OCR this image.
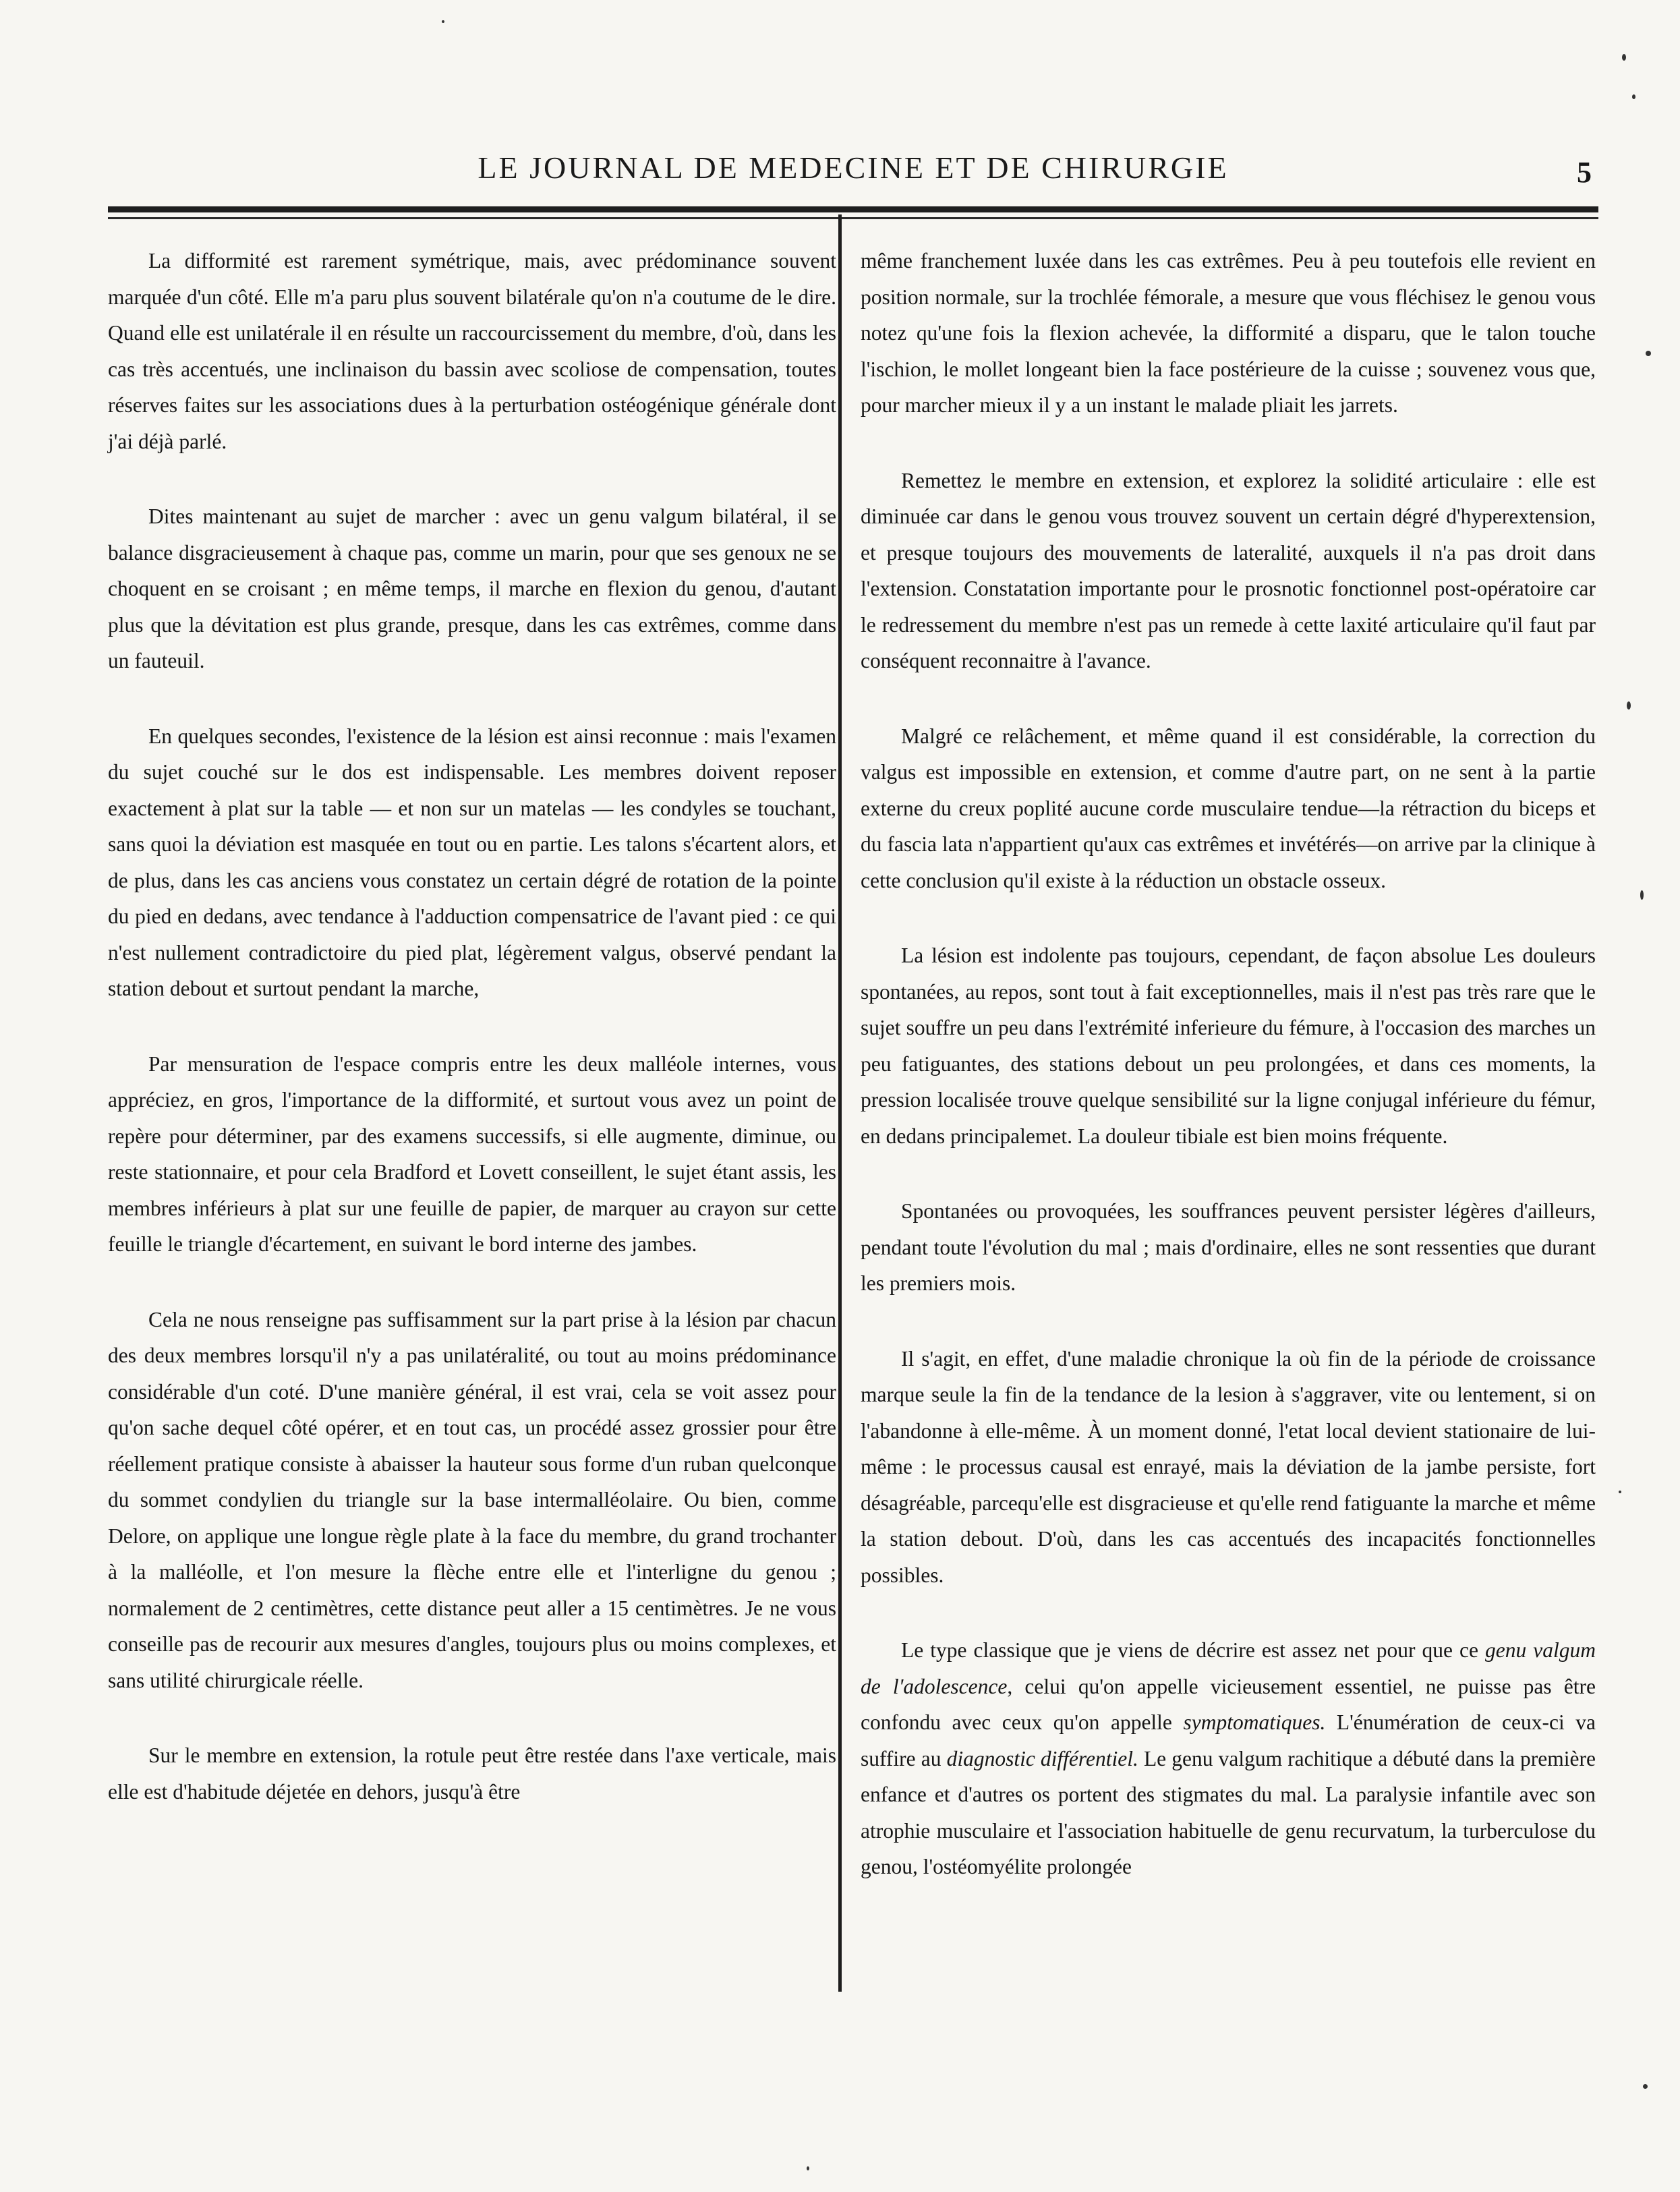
LE JOURNAL DE MEDECINE ET DE CHIRURGIE	5

La difformité est rarement symétrique, mais, avec prédominance souvent marquée d'un côté. Elle m'a paru plus souvent bilatérale qu'on n'a coutume de le dire. Quand elle est unilatérale il en résulte un raccourcissement du membre, d'où, dans les cas très accentués, une inclinaison du bassin avec scoliose de compensation, toutes réserves faites sur les associations dues à la perturbation ostéogénique générale dont j'ai déjà parlé.

Dites maintenant au sujet de marcher : avec un genu valgum bilatéral, il se balance disgracieusement à chaque pas, comme un marin, pour que ses genoux ne se choquent en se croisant ; en même temps, il marche en flexion du genou, d'autant plus que la dévitation est plus grande, presque, dans les cas extrêmes, comme dans un fauteuil.

En quelques secondes, l'existence de la lésion est ainsi reconnue : mais l'examen du sujet couché sur le dos est indispensable. Les membres doivent reposer exactement à plat sur la table — et non sur un matelas — les condyles se touchant, sans quoi la déviation est masquée en tout ou en partie. Les talons s'écartent alors, et de plus, dans les cas anciens vous constatez un certain dégré de rotation de la pointe du pied en dedans, avec tendance à l'adduction compensatrice de l'avant pied : ce qui n'est nullement contradictoire du pied plat, légèrement valgus, observé pendant la station debout et surtout pendant la marche,

Par mensuration de l'espace compris entre les deux malléole internes, vous appréciez, en gros, l'importance de la difformité, et surtout vous avez un point de repère pour déterminer, par des examens successifs, si elle augmente, diminue, ou reste stationnaire, et pour cela Bradford et Lovett conseillent, le sujet étant assis, les membres inférieurs à plat sur une feuille de papier, de marquer au crayon sur cette feuille le triangle d'écartement, en suivant le bord interne des jambes.

Cela ne nous renseigne pas suffisamment sur la part prise à la lésion par chacun des deux membres lorsqu'il n'y a pas unilatéralité, ou tout au moins prédominance considérable d'un coté. D'une manière général, il est vrai, cela se voit assez pour qu'on sache dequel côté opérer, et en tout cas, un procédé assez grossier pour être réellement pratique consiste à abaisser la hauteur sous forme d'un ruban quelconque du sommet condylien du triangle sur la base intermalléolaire. Ou bien, comme Delore, on applique une longue règle plate à la face du membre, du grand trochanter à la malléolle, et l'on mesure la flèche entre elle et l'interligne du genou ; normalement de 2 centimètres, cette distance peut aller a 15 centimètres. Je ne vous conseille pas de recourir aux mesures d'angles, toujours plus ou moins complexes, et sans utilité chirurgicale réelle.

Sur le membre en extension, la rotule peut être restée dans l'axe verticale, mais elle est d'habitude déjetée en dehors, jusqu'à être

même franchement luxée dans les cas extrêmes. Peu à peu toutefois elle revient en position normale, sur la trochlée fémorale, a mesure que vous fléchisez le genou vous notez qu'une fois la flexion achevée, la difformité a disparu, que le talon touche l'ischion, le mollet longeant bien la face postérieure de la cuisse ; souvenez vous que, pour marcher mieux il y a un instant le malade pliait les jarrets.

Remettez le membre en extension, et explorez la solidité articulaire : elle est diminuée car dans le genou vous trouvez souvent un certain dégré d'hyperextension, et presque toujours des mouvements de lateralité, auxquels il n'a pas droit dans l'extension. Constatation importante pour le prosnotic fonctionnel post-opératoire car le redressement du membre n'est pas un remede à cette laxité articulaire qu'il faut par conséquent reconnaitre à l'avance.

Malgré ce relâchement, et même quand il est considérable, la correction du valgus est impossible en extension, et comme d'autre part, on ne sent à la partie externe du creux poplité aucune corde musculaire tendue—la rétraction du biceps et du fascia lata n'appartient qu'aux cas extrêmes et invétérés—on arrive par la clinique à cette conclusion qu'il existe à la réduction un obstacle osseux.

La lésion est indolente pas toujours, cependant, de façon absolue Les douleurs spontanées, au repos, sont tout à fait exceptionnelles, mais il n'est pas très rare que le sujet souffre un peu dans l'extrémité inferieure du fémure, à l'occasion des marches un peu fatiguantes, des stations debout un peu prolongées, et dans ces moments, la pression localisée trouve quelque sensibilité sur la ligne conjugal inférieure du fémur, en dedans principalemet. La douleur tibiale est bien moins fréquente.

Spontanées ou provoquées, les souffrances peuvent persister légères d'ailleurs, pendant toute l'évolution du mal ; mais d'ordinaire, elles ne sont ressenties que durant les premiers mois.

Il s'agit, en effet, d'une maladie chronique la où fin de la période de croissance marque seule la fin de la tendance de la lesion à s'aggraver, vite ou lentement, si on l'abandonne à elle-même. À un moment donné, l'etat local devient stationaire de lui-même : le processus causal est enrayé, mais la déviation de la jambe persiste, fort désagréable, parcequ'elle est disgracieuse et qu'elle rend fatiguante la marche et même la station debout. D'où, dans les cas accentués des incapacités fonctionnelles possibles.

Le type classique que je viens de décrire est assez net pour que ce genu valgum de l'adolescence, celui qu'on appelle vicieusement essentiel, ne puisse pas être confondu avec ceux qu'on appelle symptomatiques. L'énumération de ceux-ci va suffire au diagnostic différentiel. Le genu valgum rachitique a débuté dans la première enfance et d'autres os portent des stigmates du mal. La paralysie infantile avec son atrophie musculaire et l'association habituelle de genu recurvatum, la turberculose du genou, l'ostéomyélite prolongée
